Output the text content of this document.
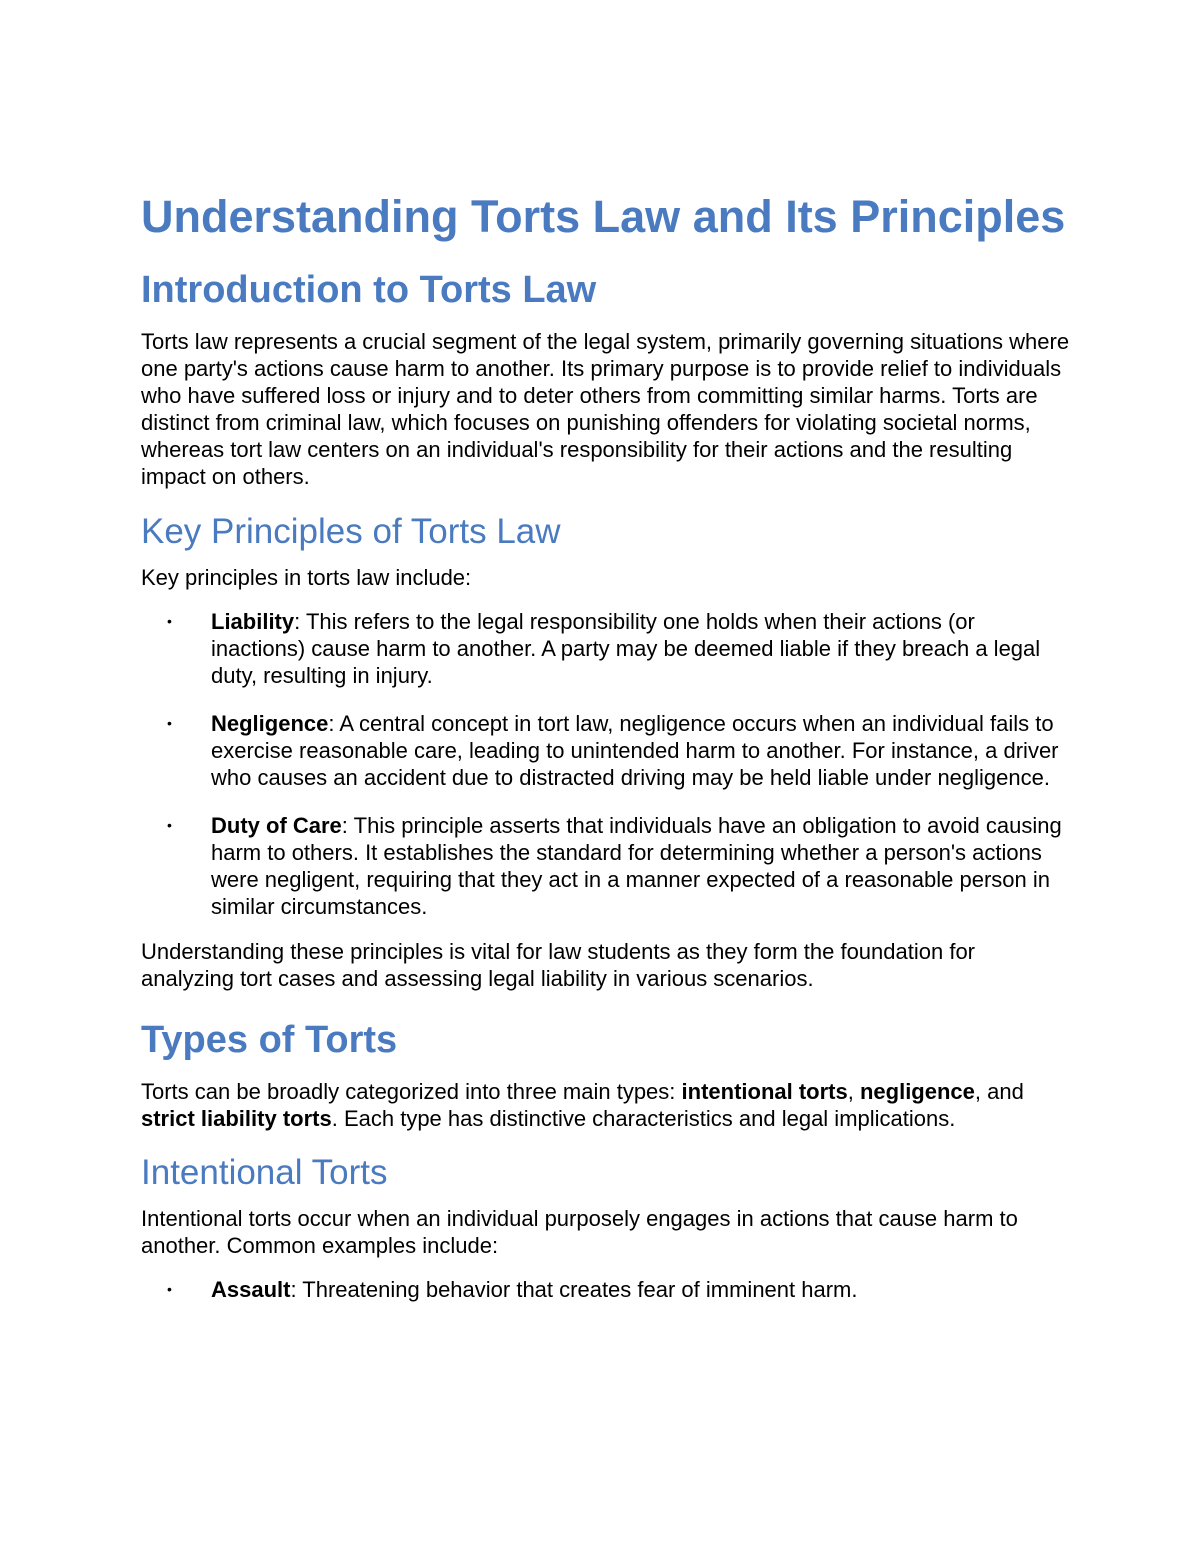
Understanding Torts Law and Its Principles
Introduction to Torts Law

Torts law represents a crucial segment of the legal system, primarily governing situations where one party's actions cause harm to another. Its primary purpose is to provide relief to individuals who have suffered loss or injury and to deter others from committing similar harms. Torts are distinct from criminal law, which focuses on punishing offenders for violating societal norms, whereas tort law centers on an individual's responsibility for their actions and the resulting impact on others.

Key Principles of Torts Law

Key principles in torts law include:

• Liability: This refers to the legal responsibility one holds when their actions (or inactions) cause harm to another. A party may be deemed liable if they breach a legal duty, resulting in injury.
• Negligence: A central concept in tort law, negligence occurs when an individual fails to exercise reasonable care, leading to unintended harm to another. For instance, a driver who causes an accident due to distracted driving may be held liable under negligence.
• Duty of Care: This principle asserts that individuals have an obligation to avoid causing harm to others. It establishes the standard for determining whether a person's actions were negligent, requiring that they act in a manner expected of a reasonable person in similar circumstances.

Understanding these principles is vital for law students as they form the foundation for analyzing tort cases and assessing legal liability in various scenarios.

Types of Torts

Torts can be broadly categorized into three main types: intentional torts, negligence, and strict liability torts. Each type has distinctive characteristics and legal implications.

Intentional Torts

Intentional torts occur when an individual purposely engages in actions that cause harm to another. Common examples include:

• Assault: Threatening behavior that creates fear of imminent harm.
